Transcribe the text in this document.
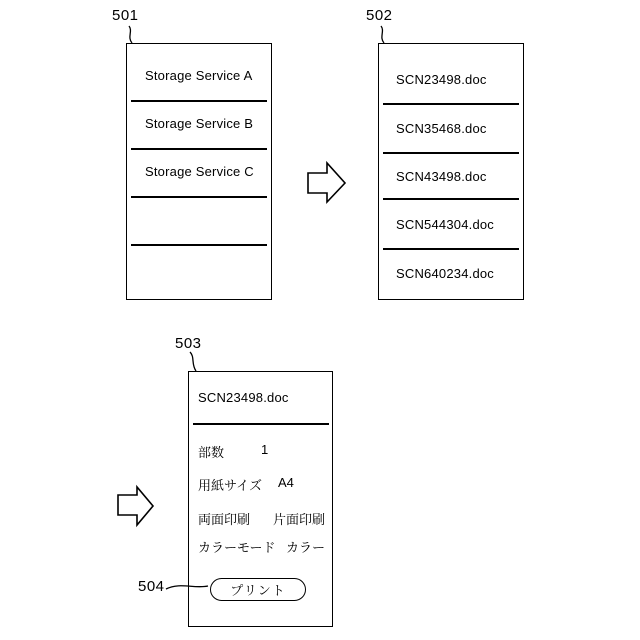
501	502
503
504
Storage Service A
Storage Service B
Storage Service C
SCN23498.doc
SCN35468.doc
SCN43498.doc
SCN544304.doc
SCN640234.doc
SCN23498.doc
部数	1
用紙サイズ A4
両面印刷 片面印刷
カラーモード カラー
プリント
